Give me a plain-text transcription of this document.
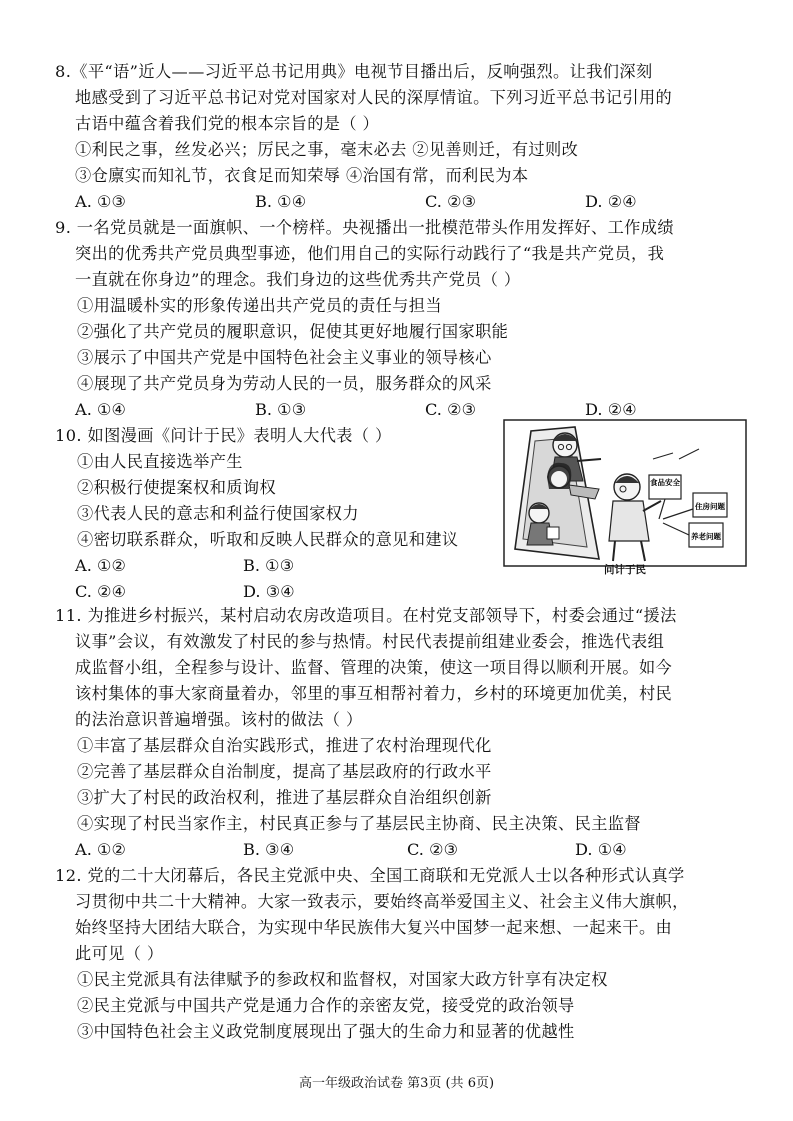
8.《平“语”近人——习近平总书记用典》电视节目播出后，反响强烈。让我们深刻
地感受到了习近平总书记对党对国家对人民的深厚情谊。下列习近平总书记引用的
古语中蕴含着我们党的根本宗旨的是（ ）
①利民之事，丝发必兴；厉民之事，毫末必去 ②见善则迁，有过则改
③仓廪实而知礼节，衣食足而知荣辱 ④治国有常，而利民为本
A. ①③	B. ①④	C. ②③	D. ②④
9. 一名党员就是一面旗帜、一个榜样。央视播出一批模范带头作用发挥好、工作成绩
突出的优秀共产党员典型事迹，他们用自己的实际行动践行了“我是共产党员，我
一直就在你身边”的理念。我们身边的这些优秀共产党员（ ）
①用温暖朴实的形象传递出共产党员的责任与担当
②强化了共产党员的履职意识，促使其更好地履行国家职能
③展示了中国共产党是中国特色社会主义事业的领导核心
④展现了共产党员身为劳动人民的一员，服务群众的风采
A. ①④	B. ①③	C. ②③	D. ②④
10. 如图漫画《问计于民》表明人大代表（ ）
①由人民直接选举产生
②积极行使提案权和质询权
③代表人民的意志和利益行使国家权力
④密切联系群众，听取和反映人民群众的意见和建议
A. ①②	B. ①③
C. ②④	D. ③④
食品安全
住房问题
养老问题
问计于民
11. 为推进乡村振兴，某村启动农房改造项目。在村党支部领导下，村委会通过“援法
议事”会议，有效激发了村民的参与热情。村民代表提前组建业委会，推选代表组
成监督小组，全程参与设计、监督、管理的决策，使这一项目得以顺利开展。如今
该村集体的事大家商量着办，邻里的事互相帮衬着力，乡村的环境更加优美，村民
的法治意识普遍增强。该村的做法（ ）
①丰富了基层群众自治实践形式，推进了农村治理现代化
②完善了基层群众自治制度，提高了基层政府的行政水平
③扩大了村民的政治权利，推进了基层群众自治组织创新
④实现了村民当家作主，村民真正参与了基层民主协商、民主决策、民主监督
A. ①②	B. ③④	C. ②③	D. ①④
12. 党的二十大闭幕后，各民主党派中央、全国工商联和无党派人士以各种形式认真学
习贯彻中共二十大精神。大家一致表示，要始终高举爱国主义、社会主义伟大旗帜，
始终坚持大团结大联合，为实现中华民族伟大复兴中国梦一起来想、一起来干。由
此可见（ ）
①民主党派具有法律赋予的参政权和监督权，对国家大政方针享有决定权
②民主党派与中国共产党是通力合作的亲密友党，接受党的政治领导
③中国特色社会主义政党制度展现出了强大的生命力和显著的优越性
高一年级政治试卷 第3页 (共 6页)
